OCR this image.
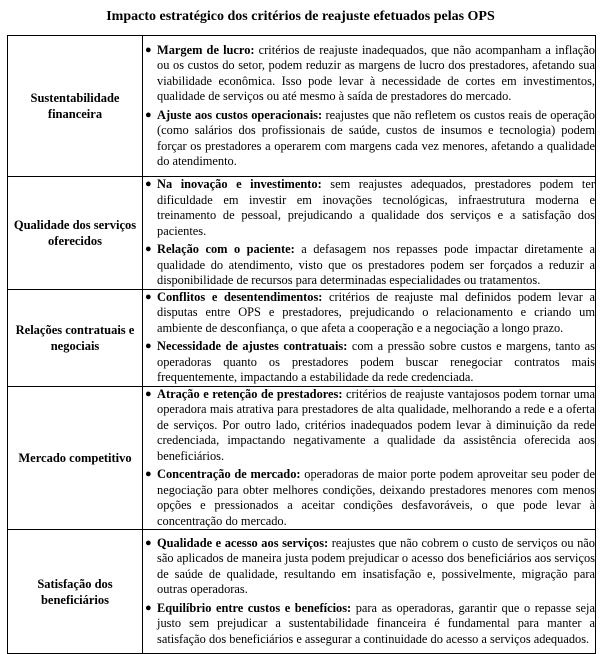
Impacto estratégico dos critérios de reajuste efetuados pelas OPS
Sustentabilidade financeira	● Margem de lucro: critérios de reajuste inadequados, que não acompanham a inflação ou os custos do setor, podem reduzir as margens de lucro dos prestadores, afetando sua viabilidade econômica. Isso pode levar à necessidade de cortes em investimentos, qualidade de serviços ou até mesmo à saída de prestadores do mercado.
● Ajuste aos custos operacionais: reajustes que não refletem os custos reais de operação (como salários dos profissionais de saúde, custos de insumos e tecnologia) podem forçar os prestadores a operarem com margens cada vez menores, afetando a qualidade do atendimento.

Qualidade dos serviços oferecidos	● Na inovação e investimento: sem reajustes adequados, prestadores podem ter dificuldade em investir em inovações tecnológicas, infraestrutura moderna e treinamento de pessoal, prejudicando a qualidade dos serviços e a satisfação dos pacientes.
● Relação com o paciente: a defasagem nos repasses pode impactar diretamente a qualidade do atendimento, visto que os prestadores podem ser forçados a reduzir a disponibilidade de recursos para determinadas especialidades ou tratamentos.

Relações contratuais e negociais	● Conflitos e desentendimentos: critérios de reajuste mal definidos podem levar a disputas entre OPS e prestadores, prejudicando o relacionamento e criando um ambiente de desconfiança, o que afeta a cooperação e a negociação a longo prazo.
● Necessidade de ajustes contratuais: com a pressão sobre custos e margens, tanto as operadoras quanto os prestadores podem buscar renegociar contratos mais frequentemente, impactando a estabilidade da rede credenciada.

Mercado competitivo	● Atração e retenção de prestadores: critérios de reajuste vantajosos podem tornar uma operadora mais atrativa para prestadores de alta qualidade, melhorando a rede e a oferta de serviços. Por outro lado, critérios inadequados podem levar à diminuição da rede credenciada, impactando negativamente a qualidade da assistência oferecida aos beneficiários.
● Concentração de mercado: operadoras de maior porte podem aproveitar seu poder de negociação para obter melhores condições, deixando prestadores menores com menos opções e pressionados a aceitar condições desfavoráveis, o que pode levar à concentração do mercado.

Satisfação dos beneficiários	● Qualidade e acesso aos serviços: reajustes que não cobrem o custo de serviços ou não são aplicados de maneira justa podem prejudicar o acesso dos beneficiários aos serviços de saúde de qualidade, resultando em insatisfação e, possivelmente, migração para outras operadoras.
● Equilíbrio entre custos e benefícios: para as operadoras, garantir que o repasse seja justo sem prejudicar a sustentabilidade financeira é fundamental para manter a satisfação dos beneficiários e assegurar a continuidade do acesso a serviços adequados.
